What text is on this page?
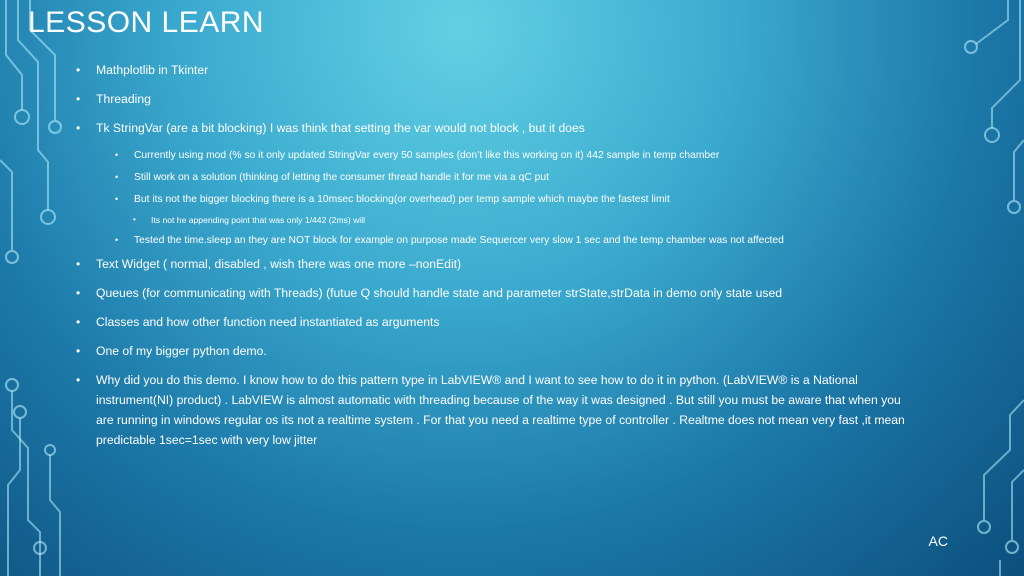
LESSON LEARN
• Mathplotlib in Tkinter
• Threading
• Tk StringVar (are a bit blocking) I was think that setting the var would not block , but it does
• Currently using mod (% so it only updated StringVar every 50 samples (don’t like this working on it) 442 sample in temp chamber
• Still work on a solution (thinking of letting the consumer thread handle it for me via a qC put
• But its not the bigger blocking there is a 10msec blocking(or overhead) per temp sample which maybe the fastest limit
• Its not he appending point that was only 1/442 (2ms) will
• Tested the time.sleep an they are NOT block for example on purpose made Sequercer very slow 1 sec and the temp chamber was not affected
• Text Widget ( normal, disabled , wish there was one more –nonEdit)
• Queues (for communicating with Threads) (futue Q should handle state and parameter strState,strData in demo only state used
• Classes and how other function need instantiated as arguments
• One of my bigger python demo.
• Why did you do this demo. I know how to do this pattern type in LabVIEW® and I want to see how to do it in python. (LabVIEW® is a National instrument(NI) product) . LabVIEW is almost automatic with threading because of the way it was designed . But still you must be aware that when you are running in windows regular os its not a realtime system . For that you need a realtime type of controller . Realtme does not mean very fast ,it mean predictable 1sec=1sec with very low jitter
AC
